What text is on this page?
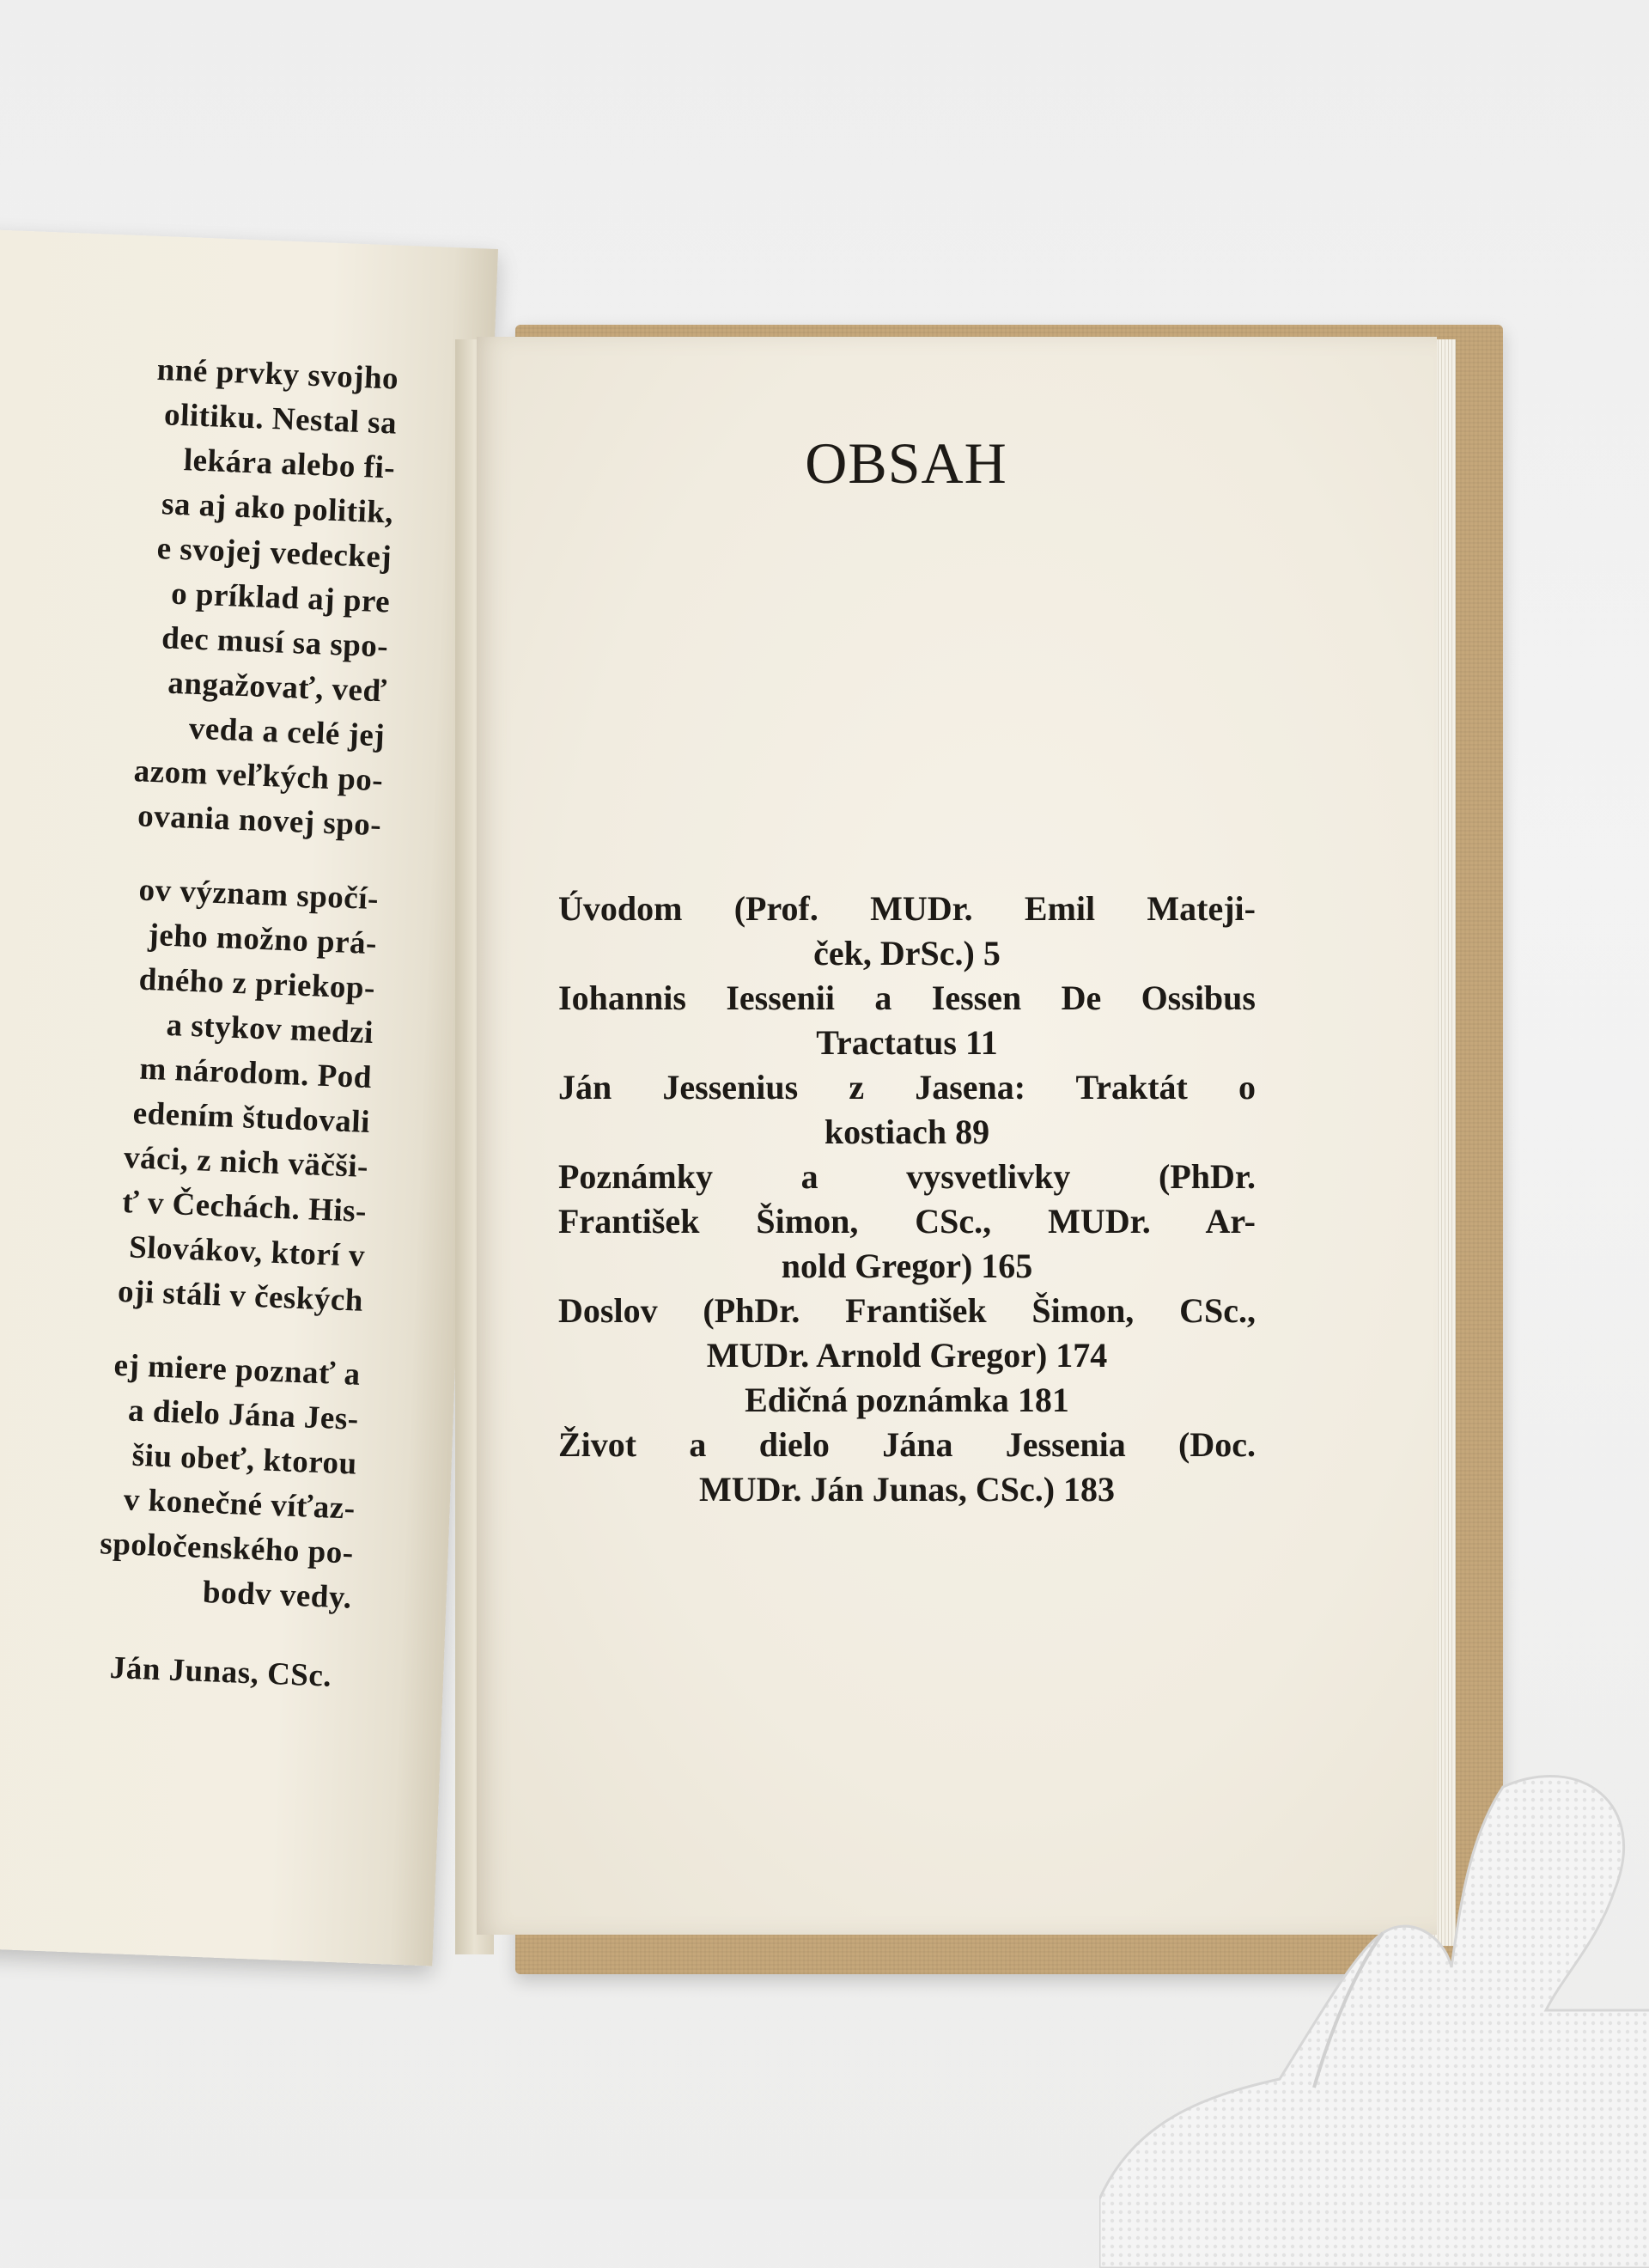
nné prvky svojho
olitiku. Nestal sa
lekára alebo fi-
sa aj ako politik,
e svojej vedeckej
o príklad aj pre
dec musí sa spo-
angažovať, veď
veda a celé jej
azom veľkých po-
ovania novej spo-
ov význam spočí-
jeho možno prá-
dného z priekop-
a stykov medzi
m národom. Pod
edením študovali
váci, z nich väčši-
ť v Čechách. His-
Slovákov, ktorí v
oji stáli v českých
ej miere poznať a
a dielo Jána Jes-
šiu obeť, ktorou
v konečné víťaz-
spoločenského po-
bodv vedy.
Ján Junas, CSc.
OBSAH
Úvodom (Prof. MUDr. Emil Mateji-
ček, DrSc.) 5
Iohannis Iessenii a Iessen De Ossibus
Tractatus 11
Ján Jessenius z Jasena: Traktát o
kostiach 89
Poznámky a vysvetlivky (PhDr.
František Šimon, CSc., MUDr. Ar-
nold Gregor) 165
Doslov (PhDr. František Šimon, CSc.,
MUDr. Arnold Gregor) 174
Edičná poznámka 181
Život a dielo Jána Jessenia (Doc.
MUDr. Ján Junas, CSc.) 183
